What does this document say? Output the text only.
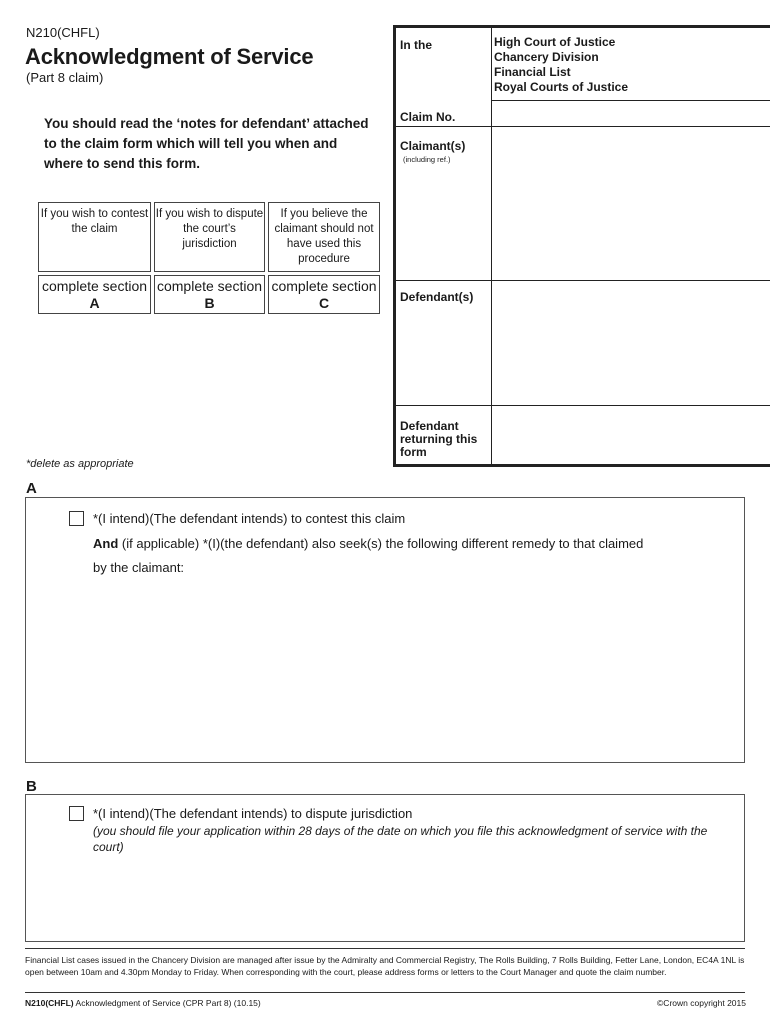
N210(CHFL)
Acknowledgment of Service
(Part 8 claim)
You should read the ‘notes for defendant’ attached to the claim form which will tell you when and where to send this form.
If you wish to contest the claim
If you wish to dispute the court’s jurisdiction
If you believe the claimant should not have used this procedure
complete section A
complete section B
complete section C
*delete as appropriate
In the	High Court of Justice
Chancery Division
Financial List
Royal Courts of Justice
Claim No.
Claimant(s)
(including ref.)
Defendant(s)
Defendant returning this form
A
*(I intend)(The defendant intends) to contest this claim
And (if applicable) *(I)(the defendant) also seek(s) the following different remedy to that claimed
by the claimant:
B
*(I intend)(The defendant intends) to dispute jurisdiction
(you should file your application within 28 days of the date on which you file this acknowledgment of service with the court)
Financial List cases issued in the Chancery Division are managed after issue by the Admiralty and Commercial Registry, The Rolls Building, 7 Rolls Building, Fetter Lane, London, EC4A 1NL is open between 10am and 4.30pm Monday to Friday. When corresponding with the court, please address forms or letters to the Court Manager and quote the claim number.
N210(CHFL) Acknowledgment of Service (CPR Part 8) (10.15)	©Crown copyright 2015
